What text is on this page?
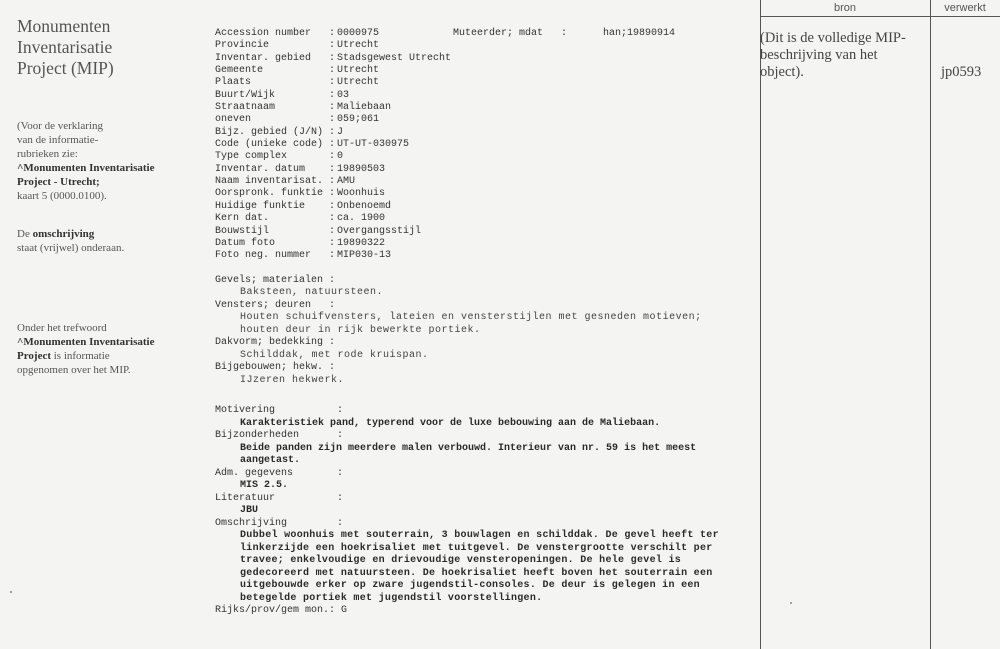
Monumenten
Inventarisatie
Project (MIP)
(Voor de verklaring
van de informatie-
rubrieken zie:
^Monumenten Inventarisatie
Project - Utrecht;
kaart 5 (0000.0100).
De omschrijving
staat (vrijwel) onderaan.
Onder het trefwoord
^Monumenten Inventarisatie
Project is informatie
opgenomen over het MIP.
Accession number : 0000975	Muteerder; mdat   :	han;19890914
Provincie	: Utrecht
Inventar. gebied : Stadsgewest Utrecht
Gemeente	: Utrecht
Plaats	: Utrecht
Buurt/Wijk	: 03
Straatnaam	: Maliebaan
oneven	: 059;061
Bijz. gebied (J/N) : J
Code (unieke code) : UT-UT-030975
Type complex	: 0
Inventar. datum : 19890503
Naam inventarisat. : AMU
Oorspronk. funktie : Woonhuis
Huidige funktie : Onbenoemd
Kern dat.	: ca. 1900
Bouwstijl	: Overgangsstijl
Datum foto	: 19890322
Foto neg. nummer : MIP030-13
Gevels; materialen :
Baksteen, natuursteen.
Vensters; deuren   :
Houten schuifvensters, lateien en vensterstijlen met gesneden motieven; houten deur in rijk bewerkte portiek.
Dakvorm; bedekking :
Schilddak, met rode kruispan.
Bijgebouwen; hekw. :
IJzeren hekwerk.
Motivering	:
Karakteristiek pand, typerend voor de luxe bebouwing aan de Maliebaan.
Bijzonderheden	:
Beide panden zijn meerdere malen verbouwd. Interieur van nr. 59 is het meest aangetast.
Adm. gegevens	:
MIS 2.5.
Literatuur	:
JBU
Omschrijving	:
Dubbel woonhuis met souterrain, 3 bouwlagen en schilddak. De gevel heeft ter linkerzijde een hoekrisaliet met tuitgevel. De venstergrootte verschilt per travee; enkelvoudige en drievoudige vensteropeningen. De hele gevel is gedecoreerd met natuursteen. De hoekrisaliet heeft boven het souterrain een uitgebouwde erker op zware jugendstil-consoles. De deur is gelegen in een betegelde portiek met jugendstil voorstellingen.
Rijks/prov/gem mon.: G
bron	verwerkt
(Dit is de volledige MIP-beschrijving van het object).	jp0593
